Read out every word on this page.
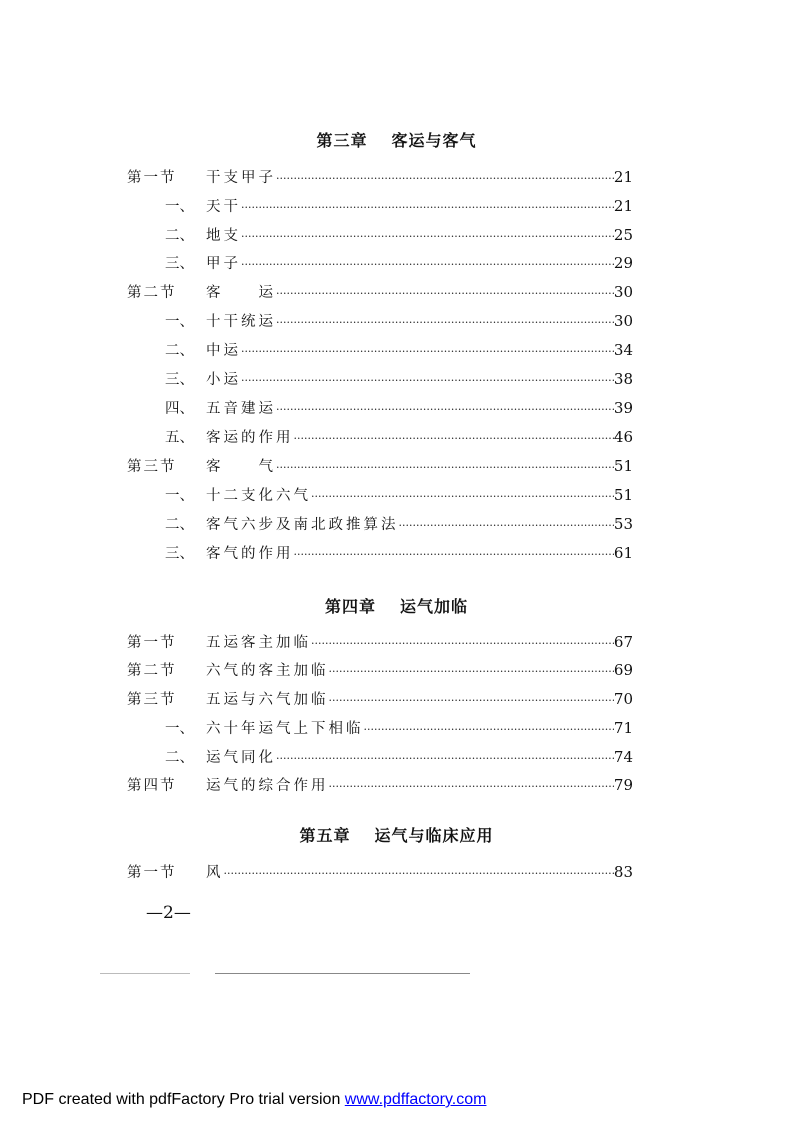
第三章 客运与客气
第一节	干支甲子 ·····	21
一、 天干 ·····	21
二、 地支 ·····	25
三、 甲子 ·····	29
第二节	客　　运 ·····	30
一、 十干统运 ·····	30
二、 中运 ·····	34
三、 小运 ·····	38
四、 五音建运 ·····	39
五、 客运的作用 ·····	46
第三节	客　　气 ·····	51
一、 十二支化六气 ·····	51
二、 客气六步及南北政推算法 ·····	53
三、 客气的作用 ·····	61
第四章 运气加临
第一节	五运客主加临 ·····	67
第二节	六气的客主加临 ·····	69
第三节	五运与六气加临 ·····	70
一、 六十年运气上下相临 ·····	71
二、 运气同化 ·····	74
第四节	运气的综合作用 ·····	79
第五章 运气与临床应用
第一节	风 ·····	83
—2—
PDF created with pdfFactory Pro trial version www.pdffactory.com
